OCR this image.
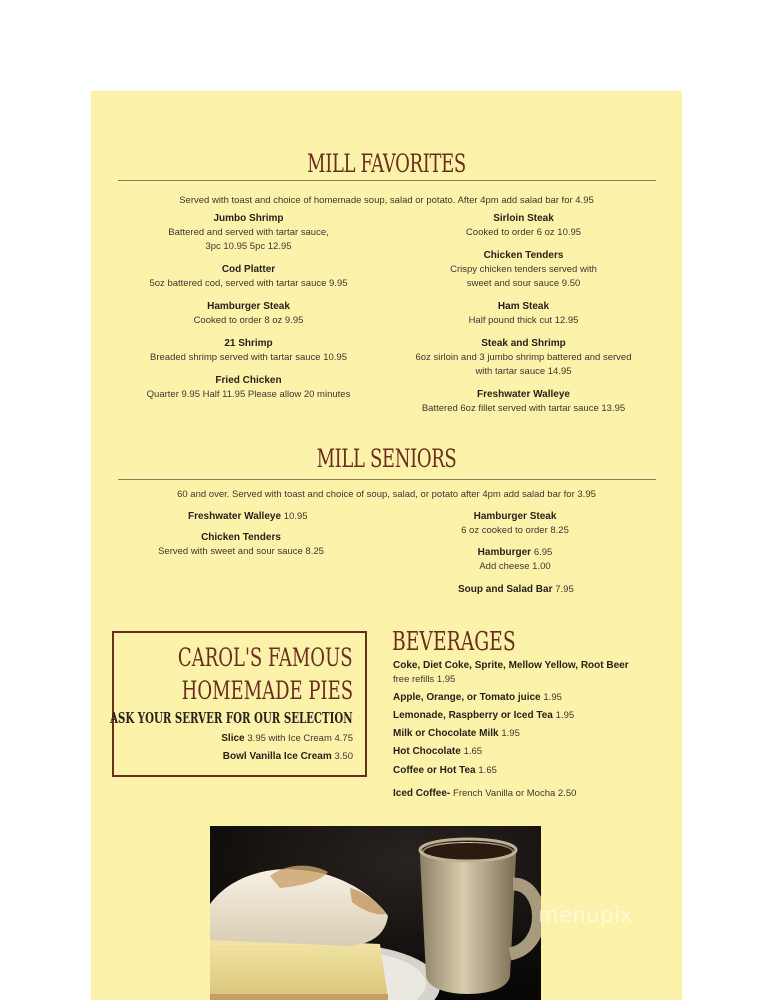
MILL FAVORITES
Served with toast and choice of homemade soup, salad or potato. After 4pm add salad bar for 4.95
Jumbo Shrimp
Battered and served with tartar sauce,
3pc 10.95 5pc 12.95
Cod Platter
5oz battered cod, served with tartar sauce 9.95
Hamburger Steak
Cooked to order 8 oz 9.95
21 Shrimp
Breaded shrimp served with tartar sauce 10.95
Fried Chicken
Quarter 9.95 Half 11.95 Please allow 20 minutes
Sirloin Steak
Cooked to order 6 oz 10.95
Chicken Tenders
Crispy chicken tenders served with
sweet and sour sauce 9.50
Ham Steak
Half pound thick cut 12.95
Steak and Shrimp
6oz sirloin and 3 jumbo shrimp battered and served
with tartar sauce 14.95
Freshwater Walleye
Battered 6oz fillet served with tartar sauce 13.95
MILL SENIORS
60 and over. Served with toast and choice of soup, salad, or potato after 4pm add salad bar for 3.95
Freshwater Walleye 10.95
Chicken Tenders
Served with sweet and sour sauce 8.25
Hamburger Steak
6 oz cooked to order 8.25
Hamburger 6.95
Add cheese 1.00
Soup and Salad Bar 7.95
CAROL'S FAMOUS
HOMEMADE PIES
ASK YOUR SERVER FOR OUR SELECTION
Slice 3.95 with Ice Cream 4.75
Bowl Vanilla Ice Cream 3.50
BEVERAGES
Coke, Diet Coke, Sprite, Mellow Yellow, Root Beer
free refills 1.95
Apple, Orange, or Tomato juice 1.95
Lemonade, Raspberry or Iced Tea 1.95
Milk or Chocolate Milk 1.95
Hot Chocolate 1.65
Coffee or Hot Tea 1.65
Iced Coffee- French Vanilla or Mocha 2.50
menupix
